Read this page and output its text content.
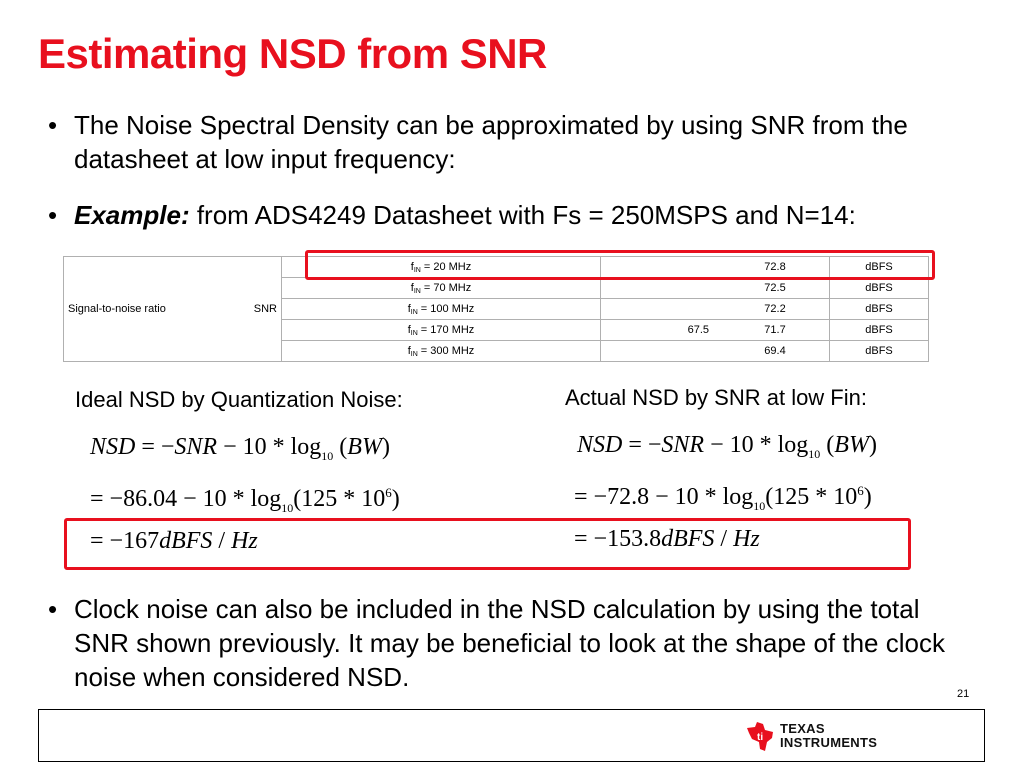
Estimating NSD from SNR
• The Noise Spectral Density can be approximated by using SNR from the datasheet at low input frequency:
• Example: from ADS4249 Datasheet with Fs = 250MSPS and N=14:
Signal-to-noise ratio	SNR	$f_{IN} = 20$ MHz		72.8	dBFS
		$f_{IN} = 70$ MHz		72.5	dBFS
		$f_{IN} = 100$ MHz		72.2	dBFS
		$f_{IN} = 170$ MHz	67.5	71.7	dBFS
		$f_{IN} = 300$ MHz		69.4	dBFS
Ideal NSD by Quantization Noise:	Actual NSD by SNR at low Fin:
NSD = $-SNR - 10 * \log_{10} (BW)$
= $-86.04 - 10 * \log_{10}(125 * 10^6)$
= −167dBFS / Hz
NSD = $-SNR - 10 * \log_{10} (BW)$
= $-72.8 - 10 * \log_{10}(125 * 10^6)$
= −153.8dBFS / Hz
• Clock noise can also be included in the NSD calculation by using the total SNR shown previously. It may be beneficial to look at the shape of the clock noise when considered NSD.
21
ti
TEXAS
INSTRUMENTS
